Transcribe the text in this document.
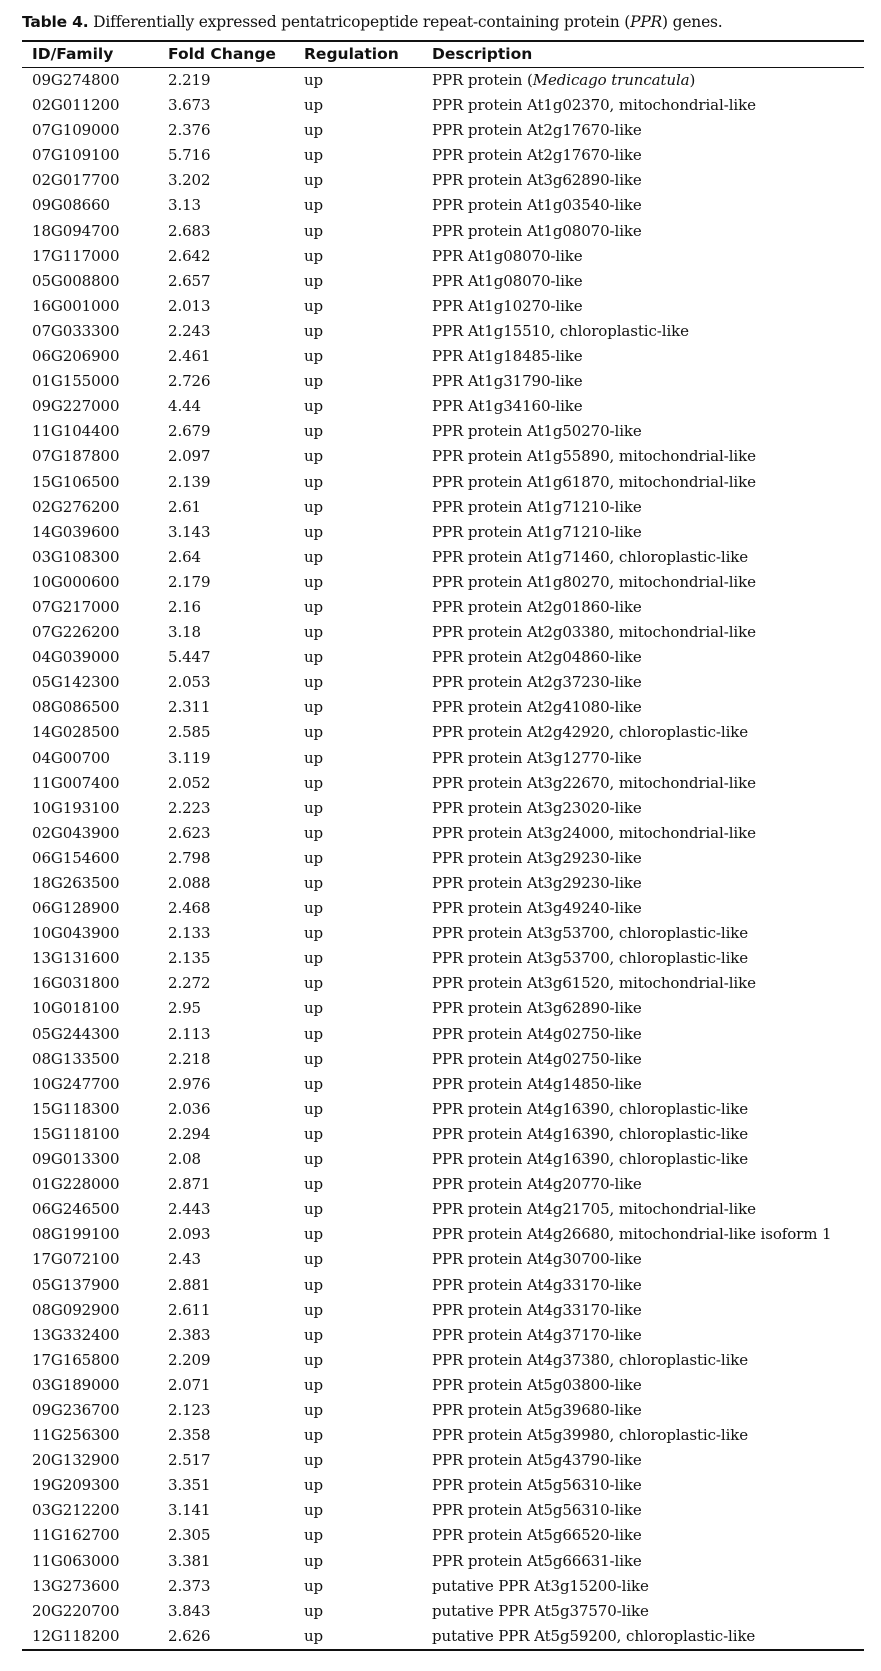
Table 4. Differentially expressed pentatricopeptide repeat-containing protein (PPR) genes.
ID/Family	Fold Change	Regulation	Description
09G274800	2.219	up	PPR protein (Medicago truncatula)
02G011200	3.673	up	PPR protein At1g02370, mitochondrial-like
07G109000	2.376	up	PPR protein At2g17670-like
07G109100	5.716	up	PPR protein At2g17670-like
02G017700	3.202	up	PPR protein At3g62890-like
09G08660	3.13	up	PPR protein At1g03540-like
18G094700	2.683	up	PPR protein At1g08070-like
17G117000	2.642	up	PPR At1g08070-like
05G008800	2.657	up	PPR At1g08070-like
16G001000	2.013	up	PPR At1g10270-like
07G033300	2.243	up	PPR At1g15510, chloroplastic-like
06G206900	2.461	up	PPR At1g18485-like
01G155000	2.726	up	PPR At1g31790-like
09G227000	4.44	up	PPR At1g34160-like
11G104400	2.679	up	PPR protein At1g50270-like
07G187800	2.097	up	PPR protein At1g55890, mitochondrial-like
15G106500	2.139	up	PPR protein At1g61870, mitochondrial-like
02G276200	2.61	up	PPR protein At1g71210-like
14G039600	3.143	up	PPR protein At1g71210-like
03G108300	2.64	up	PPR protein At1g71460, chloroplastic-like
10G000600	2.179	up	PPR protein At1g80270, mitochondrial-like
07G217000	2.16	up	PPR protein At2g01860-like
07G226200	3.18	up	PPR protein At2g03380, mitochondrial-like
04G039000	5.447	up	PPR protein At2g04860-like
05G142300	2.053	up	PPR protein At2g37230-like
08G086500	2.311	up	PPR protein At2g41080-like
14G028500	2.585	up	PPR protein At2g42920, chloroplastic-like
04G00700	3.119	up	PPR protein At3g12770-like
11G007400	2.052	up	PPR protein At3g22670, mitochondrial-like
10G193100	2.223	up	PPR protein At3g23020-like
02G043900	2.623	up	PPR protein At3g24000, mitochondrial-like
06G154600	2.798	up	PPR protein At3g29230-like
18G263500	2.088	up	PPR protein At3g29230-like
06G128900	2.468	up	PPR protein At3g49240-like
10G043900	2.133	up	PPR protein At3g53700, chloroplastic-like
13G131600	2.135	up	PPR protein At3g53700, chloroplastic-like
16G031800	2.272	up	PPR protein At3g61520, mitochondrial-like
10G018100	2.95	up	PPR protein At3g62890-like
05G244300	2.113	up	PPR protein At4g02750-like
08G133500	2.218	up	PPR protein At4g02750-like
10G247700	2.976	up	PPR protein At4g14850-like
15G118300	2.036	up	PPR protein At4g16390, chloroplastic-like
15G118100	2.294	up	PPR protein At4g16390, chloroplastic-like
09G013300	2.08	up	PPR protein At4g16390, chloroplastic-like
01G228000	2.871	up	PPR protein At4g20770-like
06G246500	2.443	up	PPR protein At4g21705, mitochondrial-like
08G199100	2.093	up	PPR protein At4g26680, mitochondrial-like isoform 1
17G072100	2.43	up	PPR protein At4g30700-like
05G137900	2.881	up	PPR protein At4g33170-like
08G092900	2.611	up	PPR protein At4g33170-like
13G332400	2.383	up	PPR protein At4g37170-like
17G165800	2.209	up	PPR protein At4g37380, chloroplastic-like
03G189000	2.071	up	PPR protein At5g03800-like
09G236700	2.123	up	PPR protein At5g39680-like
11G256300	2.358	up	PPR protein At5g39980, chloroplastic-like
20G132900	2.517	up	PPR protein At5g43790-like
19G209300	3.351	up	PPR protein At5g56310-like
03G212200	3.141	up	PPR protein At5g56310-like
11G162700	2.305	up	PPR protein At5g66520-like
11G063000	3.381	up	PPR protein At5g66631-like
13G273600	2.373	up	putative PPR At3g15200-like
20G220700	3.843	up	putative PPR At5g37570-like
12G118200	2.626	up	putative PPR At5g59200, chloroplastic-like
